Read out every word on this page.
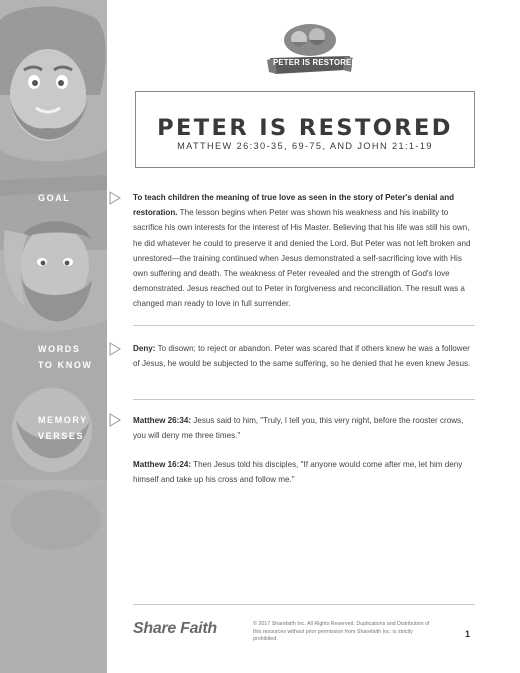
GOAL
WORDS
TO KNOW
MEMORY
VERSES
PETER IS RESTORED
PETER IS RESTORED
MATTHEW 26:30-35, 69-75, AND JOHN 21:1-19
To teach children the meaning of true love as seen in the story of Peter's denial and restoration. The lesson begins when Peter was shown his weakness and his inability to sacrifice his own interests for the interest of His Master. Believing that his life was still his own, he did whatever he could to preserve it and denied the Lord. But Peter was not left broken and unrestored—the training continued when Jesus demonstrated a self-sacrificing love with His own suffering and death. The weakness of Peter revealed and the strength of God's love demonstrated. Jesus reached out to Peter in forgiveness and reconciliation. The result was a changed man ready to love in full surrender.
Deny: To disown; to reject or abandon. Peter was scared that if others knew he was a follower of Jesus, he would be subjected to the same suffering, so he denied that he even knew Jesus.
Matthew 26:34: Jesus said to him, "Truly, I tell you, this very night, before the rooster crows, you will deny me three times."
Matthew 16:24: Then Jesus told his disciples, "If anyone would come after me, let him deny himself and take up his cross and follow me."
Share Faith	© 2017 Sharefaith Inc. All Rights Reserved. Duplications and Distribution of this resources without prior permission from Sharefaith Inc. is strictly prohibited.
1
